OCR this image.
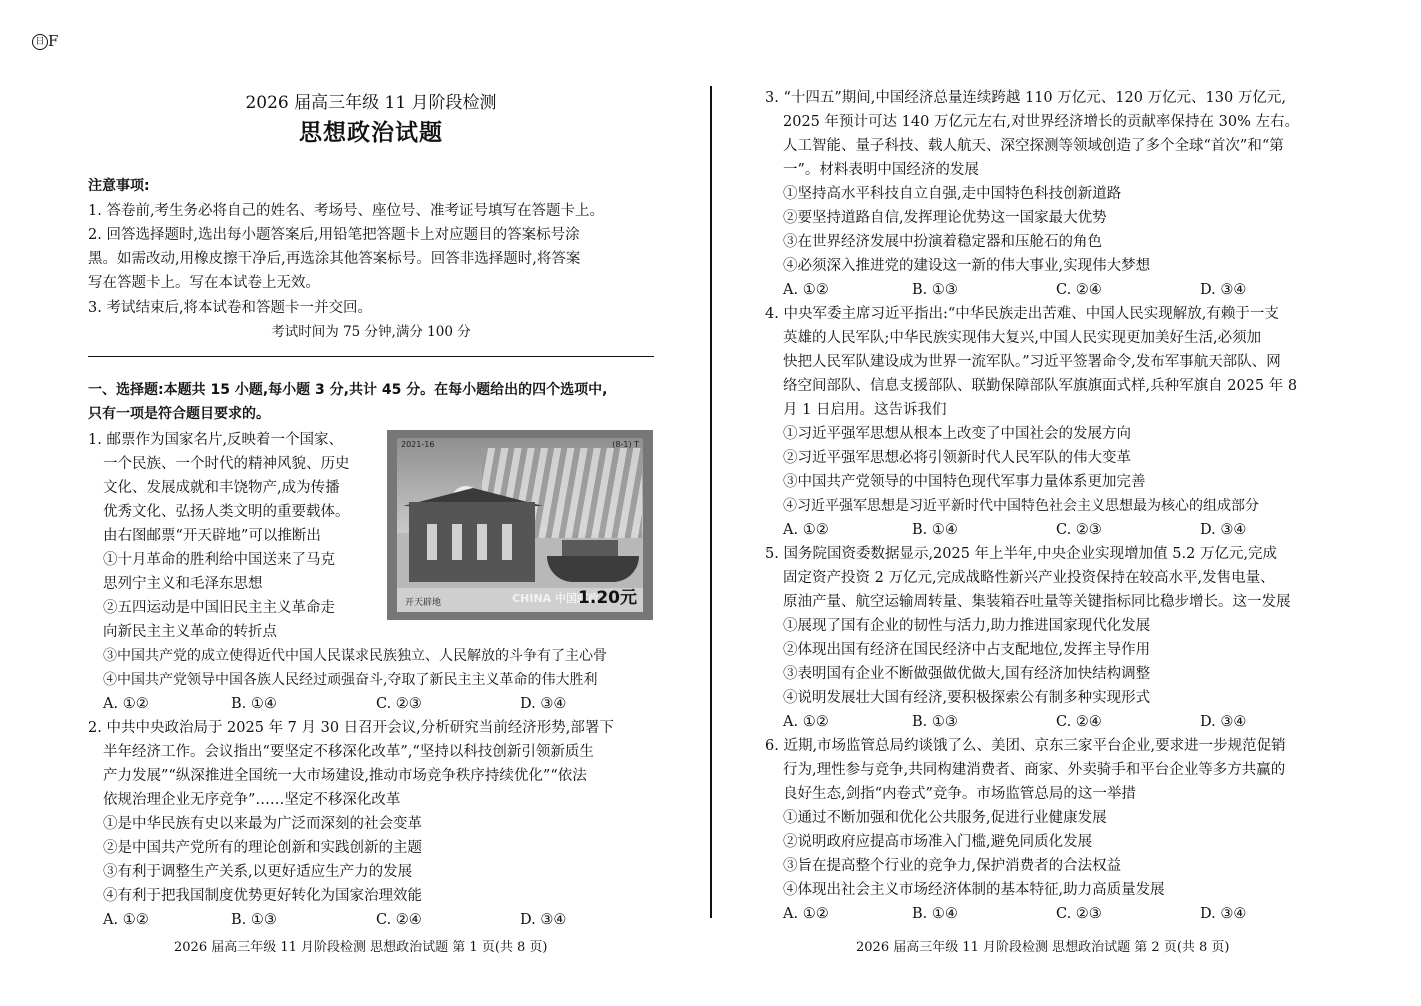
日 F
2026 届高三年级 11 月阶段检测
思想政治试题
注意事项:
1. 答卷前,考生务必将自己的姓名、考场号、座位号、准考证号填写在答题卡上。
2. 回答选择题时,选出每小题答案后,用铅笔把答题卡上对应题目的答案标号涂
黑。如需改动,用橡皮擦干净后,再选涂其他答案标号。回答非选择题时,将答案
写在答题卡上。写在本试卷上无效。
3. 考试结束后,将本试卷和答题卡一并交回。
考试时间为 75 分钟,满分 100 分
一、选择题:本题共 15 小题,每小题 3 分,共计 45 分。在每小题给出的四个选项中,
只有一项是符合题目要求的。
2021-16	(8-1) T
开天辟地	CHINA 中国邮政
1.20元
1. 邮票作为国家名片,反映着一个国家、
一个民族、一个时代的精神风貌、历史
文化、发展成就和丰饶物产,成为传播
优秀文化、弘扬人类文明的重要载体。
由右图邮票“开天辟地”可以推断出
①十月革命的胜利给中国送来了马克
思列宁主义和毛泽东思想
②五四运动是中国旧民主主义革命走
向新民主主义革命的转折点
③中国共产党的成立使得近代中国人民谋求民族独立、人民解放的斗争有了主心骨
④中国共产党领导中国各族人民经过顽强奋斗,夺取了新民主主义革命的伟大胜利
A. ①②	B. ①④	C. ②③	D. ③④
2. 中共中央政治局于 2025 年 7 月 30 日召开会议,分析研究当前经济形势,部署下
半年经济工作。会议指出“要坚定不移深化改革”,“坚持以科技创新引领新质生
产力发展”“纵深推进全国统一大市场建设,推动市场竞争秩序持续优化”“依法
依规治理企业无序竞争”……坚定不移深化改革
①是中华民族有史以来最为广泛而深刻的社会变革
②是中国共产党所有的理论创新和实践创新的主题
③有利于调整生产关系,以更好适应生产力的发展
④有利于把我国制度优势更好转化为国家治理效能
A. ①②	B. ①③	C. ②④	D. ③④
3. “十四五”期间,中国经济总量连续跨越 110 万亿元、120 万亿元、130 万亿元,
2025 年预计可达 140 万亿元左右,对世界经济增长的贡献率保持在 30% 左右。
人工智能、量子科技、载人航天、深空探测等领域创造了多个全球“首次”和“第
一”。材料表明中国经济的发展
①坚持高水平科技自立自强,走中国特色科技创新道路
②要坚持道路自信,发挥理论优势这一国家最大优势
③在世界经济发展中扮演着稳定器和压舱石的角色
④必须深入推进党的建设这一新的伟大事业,实现伟大梦想
A. ①②	B. ①③	C. ②④	D. ③④
4. 中央军委主席习近平指出:“中华民族走出苦难、中国人民实现解放,有赖于一支
英雄的人民军队;中华民族实现伟大复兴,中国人民实现更加美好生活,必须加
快把人民军队建设成为世界一流军队。”习近平签署命令,发布军事航天部队、网
络空间部队、信息支援部队、联勤保障部队军旗旗面式样,兵种军旗自 2025 年 8
月 1 日启用。这告诉我们
①习近平强军思想从根本上改变了中国社会的发展方向
②习近平强军思想必将引领新时代人民军队的伟大变革
③中国共产党领导的中国特色现代军事力量体系更加完善
④习近平强军思想是习近平新时代中国特色社会主义思想最为核心的组成部分
A. ①②	B. ①④	C. ②③	D. ③④
5. 国务院国资委数据显示,2025 年上半年,中央企业实现增加值 5.2 万亿元,完成
固定资产投资 2 万亿元,完成战略性新兴产业投资保持在较高水平,发售电量、
原油产量、航空运输周转量、集装箱吞吐量等关键指标同比稳步增长。这一发展
①展现了国有企业的韧性与活力,助力推进国家现代化发展
②体现出国有经济在国民经济中占支配地位,发挥主导作用
③表明国有企业不断做强做优做大,国有经济加快结构调整
④说明发展壮大国有经济,要积极探索公有制多种实现形式
A. ①②	B. ①③	C. ②④	D. ③④
6. 近期,市场监管总局约谈饿了么、美团、京东三家平台企业,要求进一步规范促销
行为,理性参与竞争,共同构建消费者、商家、外卖骑手和平台企业等多方共赢的
良好生态,剑指“内卷式”竞争。市场监管总局的这一举措
①通过不断加强和优化公共服务,促进行业健康发展
②说明政府应提高市场准入门槛,避免同质化发展
③旨在提高整个行业的竞争力,保护消费者的合法权益
④体现出社会主义市场经济体制的基本特征,助力高质量发展
A. ①②	B. ①④	C. ②③	D. ③④
2026 届高三年级 11 月阶段检测 思想政治试题 第 1 页(共 8 页)	2026 届高三年级 11 月阶段检测 思想政治试题 第 2 页(共 8 页)
